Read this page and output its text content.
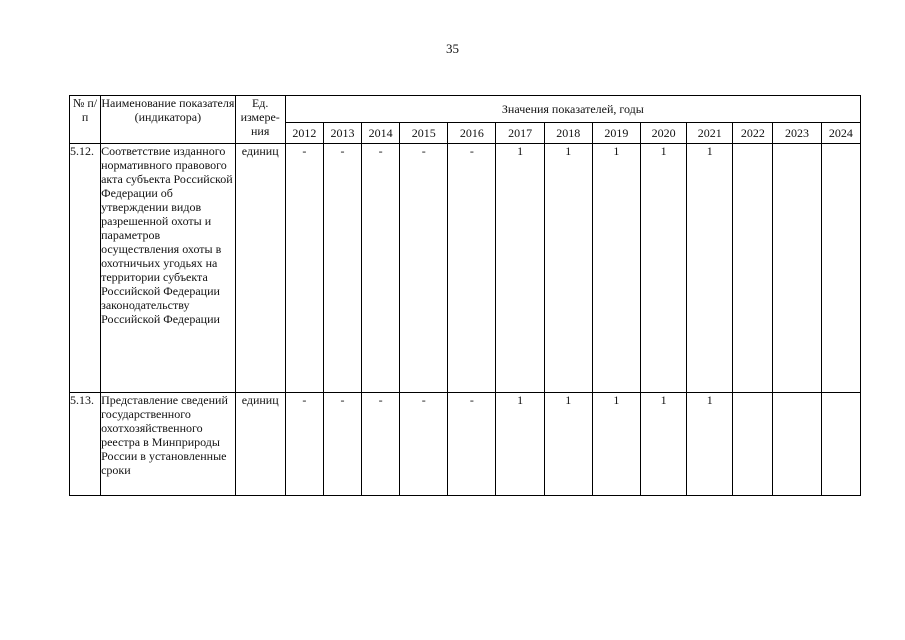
35
№ п/п	Наименование показателя (индикатора)	Ед. измере-ния	Значения показателей, годы												
			2012	2013	2014	2015	2016	2017	2018	2019	2020	2021	2022	2023	2024
5.12.	Соответствие изданного нормативного правового акта субъекта Российской Федерации об утверждении видов разрешенной охоты и параметров осуществления охоты в охотничьих угодьях на территории субъекта Российской Федерации законодательству Российской Федерации	единиц	-	-	-	-	-	1	1	1	1	1			
5.13.	Представление сведений государственного охотхозяйственного реестра в Минприроды России в установленные сроки	единиц	-	-	-	-	-	1	1	1	1	1			
